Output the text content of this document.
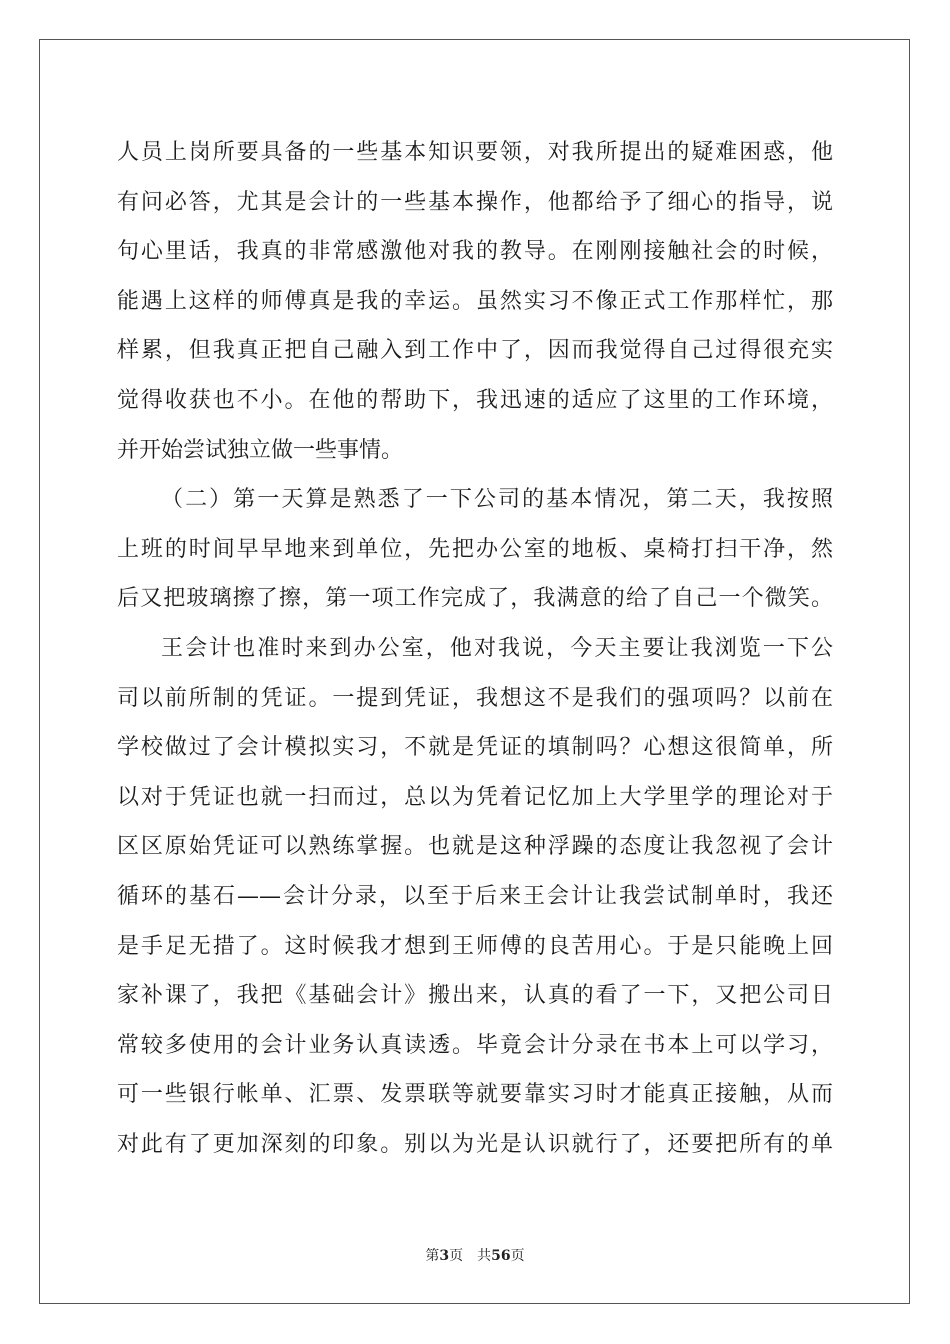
人员上岗所要具备的一些基本知识要领，对我所提出的疑难困惑，他
有问必答，尤其是会计的一些基本操作，他都给予了细心的指导，说
句心里话，我真的非常感激他对我的教导。在刚刚接触社会的时候，
能遇上这样的师傅真是我的幸运。虽然实习不像正式工作那样忙，那
样累，但我真正把自己融入到工作中了，因而我觉得自己过得很充实
觉得收获也不小。在他的帮助下，我迅速的适应了这里的工作环境，
并开始尝试独立做一些事情。
（二）第一天算是熟悉了一下公司的基本情况，第二天，我按照
上班的时间早早地来到单位，先把办公室的地板、桌椅打扫干净，然
后又把玻璃擦了擦，第一项工作完成了，我满意的给了自己一个微笑。
王会计也准时来到办公室，他对我说，今天主要让我浏览一下公
司以前所制的凭证。一提到凭证，我想这不是我们的强项吗？以前在
学校做过了会计模拟实习，不就是凭证的填制吗？心想这很简单，所
以对于凭证也就一扫而过，总以为凭着记忆加上大学里学的理论对于
区区原始凭证可以熟练掌握。也就是这种浮躁的态度让我忽视了会计
循环的基石——会计分录，以至于后来王会计让我尝试制单时，我还
是手足无措了。这时候我才想到王师傅的良苦用心。于是只能晚上回
家补课了，我把《基础会计》搬出来，认真的看了一下，又把公司日
常较多使用的会计业务认真读透。毕竟会计分录在书本上可以学习，
可一些银行帐单、汇票、发票联等就要靠实习时才能真正接触，从而
对此有了更加深刻的印象。别以为光是认识就行了，还要把所有的单
第3页 共56页
